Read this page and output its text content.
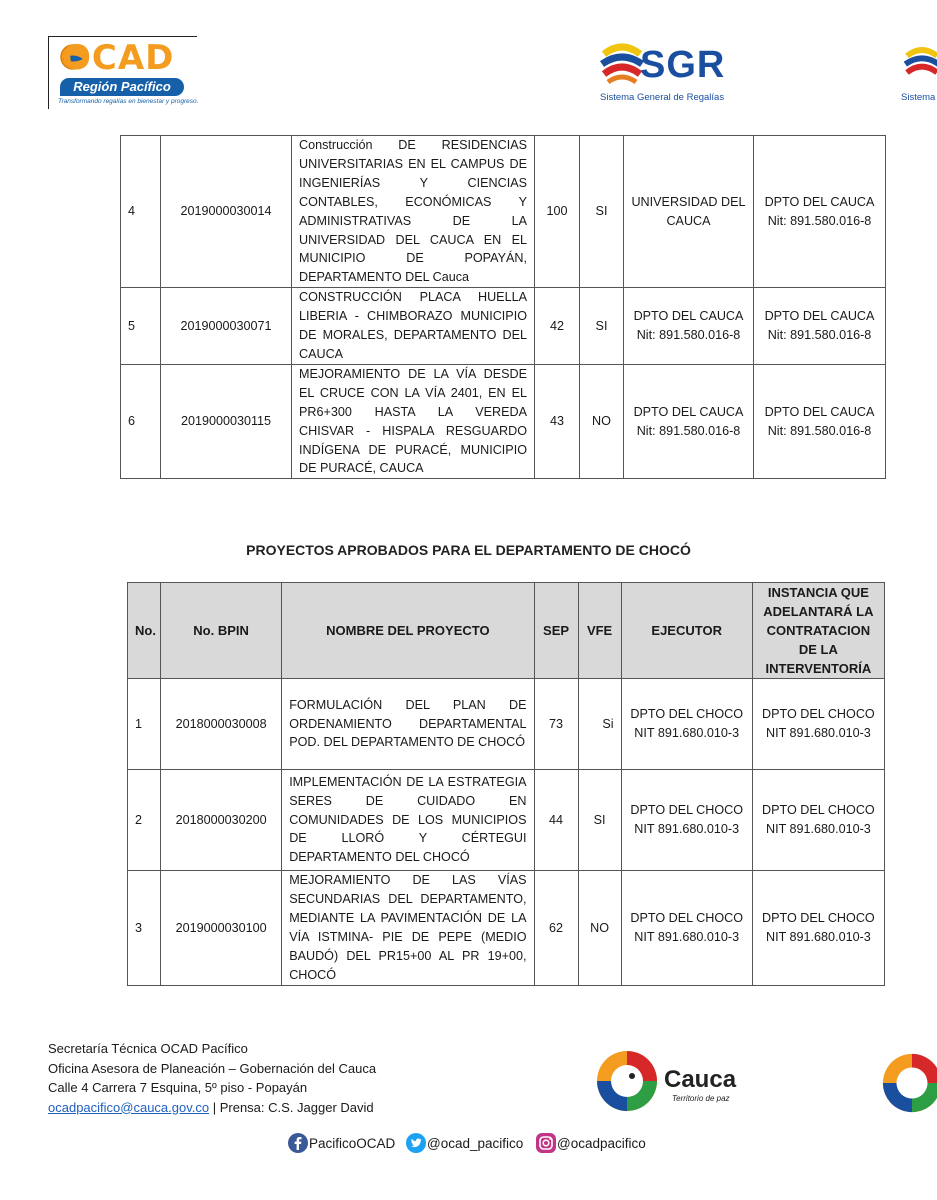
OCAD
Región Pacífico
Transformando regalías en bienestar y progreso.
SGR
Sistema General de Regalías	Sistema
4	2019000030014	Construcción DE RESIDENCIAS UNIVERSITARIAS EN EL CAMPUS DE INGENIERÍAS Y CIENCIAS CONTABLES, ECONÓMICAS Y ADMINISTRATIVAS DE LA UNIVERSIDAD DEL CAUCA EN EL MUNICIPIO DE POPAYÁN, DEPARTAMENTO DEL Cauca	100	SI	UNIVERSIDAD DEL CAUCA	DPTO DEL CAUCA Nit: 891.580.016-8
5	2019000030071	CONSTRUCCIÓN PLACA HUELLA LIBERIA - CHIMBORAZO MUNICIPIO DE MORALES, DEPARTAMENTO DEL CAUCA	42	SI	DPTO DEL CAUCA Nit: 891.580.016-8	DPTO DEL CAUCA Nit: 891.580.016-8
6	2019000030115	MEJORAMIENTO DE LA VÍA DESDE EL CRUCE CON LA VÍA 2401, EN EL PR6+300 HASTA LA VEREDA CHISVAR - HISPALA RESGUARDO INDÍGENA DE PURACÉ, MUNICIPIO DE PURACÉ, CAUCA	43	NO	DPTO DEL CAUCA Nit: 891.580.016-8	DPTO DEL CAUCA Nit: 891.580.016-8
PROYECTOS APROBADOS PARA EL DEPARTAMENTO DE CHOCÓ
No.	No. BPIN	NOMBRE DEL PROYECTO	SEP	VFE	EJECUTOR	INSTANCIA QUE ADELANTARÁ LA CONTRATACION DE LA INTERVENTORÍA
1	2018000030008	FORMULACIÓN DEL PLAN DE ORDENAMIENTO DEPARTAMENTAL POD. DEL DEPARTAMENTO DE CHOCÓ	73	Si	DPTO DEL CHOCO NIT 891.680.010-3	DPTO DEL CHOCO NIT 891.680.010-3
2	2018000030200	IMPLEMENTACIÓN DE LA ESTRATEGIA SERES DE CUIDADO EN COMUNIDADES DE LOS MUNICIPIOS DE LLORÓ Y CÉRTEGUI DEPARTAMENTO DEL CHOCÓ	44	SI	DPTO DEL CHOCO NIT 891.680.010-3	DPTO DEL CHOCO NIT 891.680.010-3
3	2019000030100	MEJORAMIENTO DE LAS VÍAS SECUNDARIAS DEL DEPARTAMENTO, MEDIANTE LA PAVIMENTACIÓN DE LA VÍA ISTMINA- PIE DE PEPE (MEDIO BAUDÓ) DEL PR15+00 AL PR 19+00, CHOCÓ	62	NO	DPTO DEL CHOCO NIT 891.680.010-3	DPTO DEL CHOCO NIT 891.680.010-3
Secretaría Técnica OCAD Pacífico
Oficina Asesora de Planeación – Gobernación del Cauca
Calle 4 Carrera 7 Esquina, 5º piso - Popayán
ocadpacifico@cauca.gov.co | Prensa: C.S. Jagger David
Cauca
Territorio de paz
PacificoOCAD @ocad_pacifico @ocadpacifico
